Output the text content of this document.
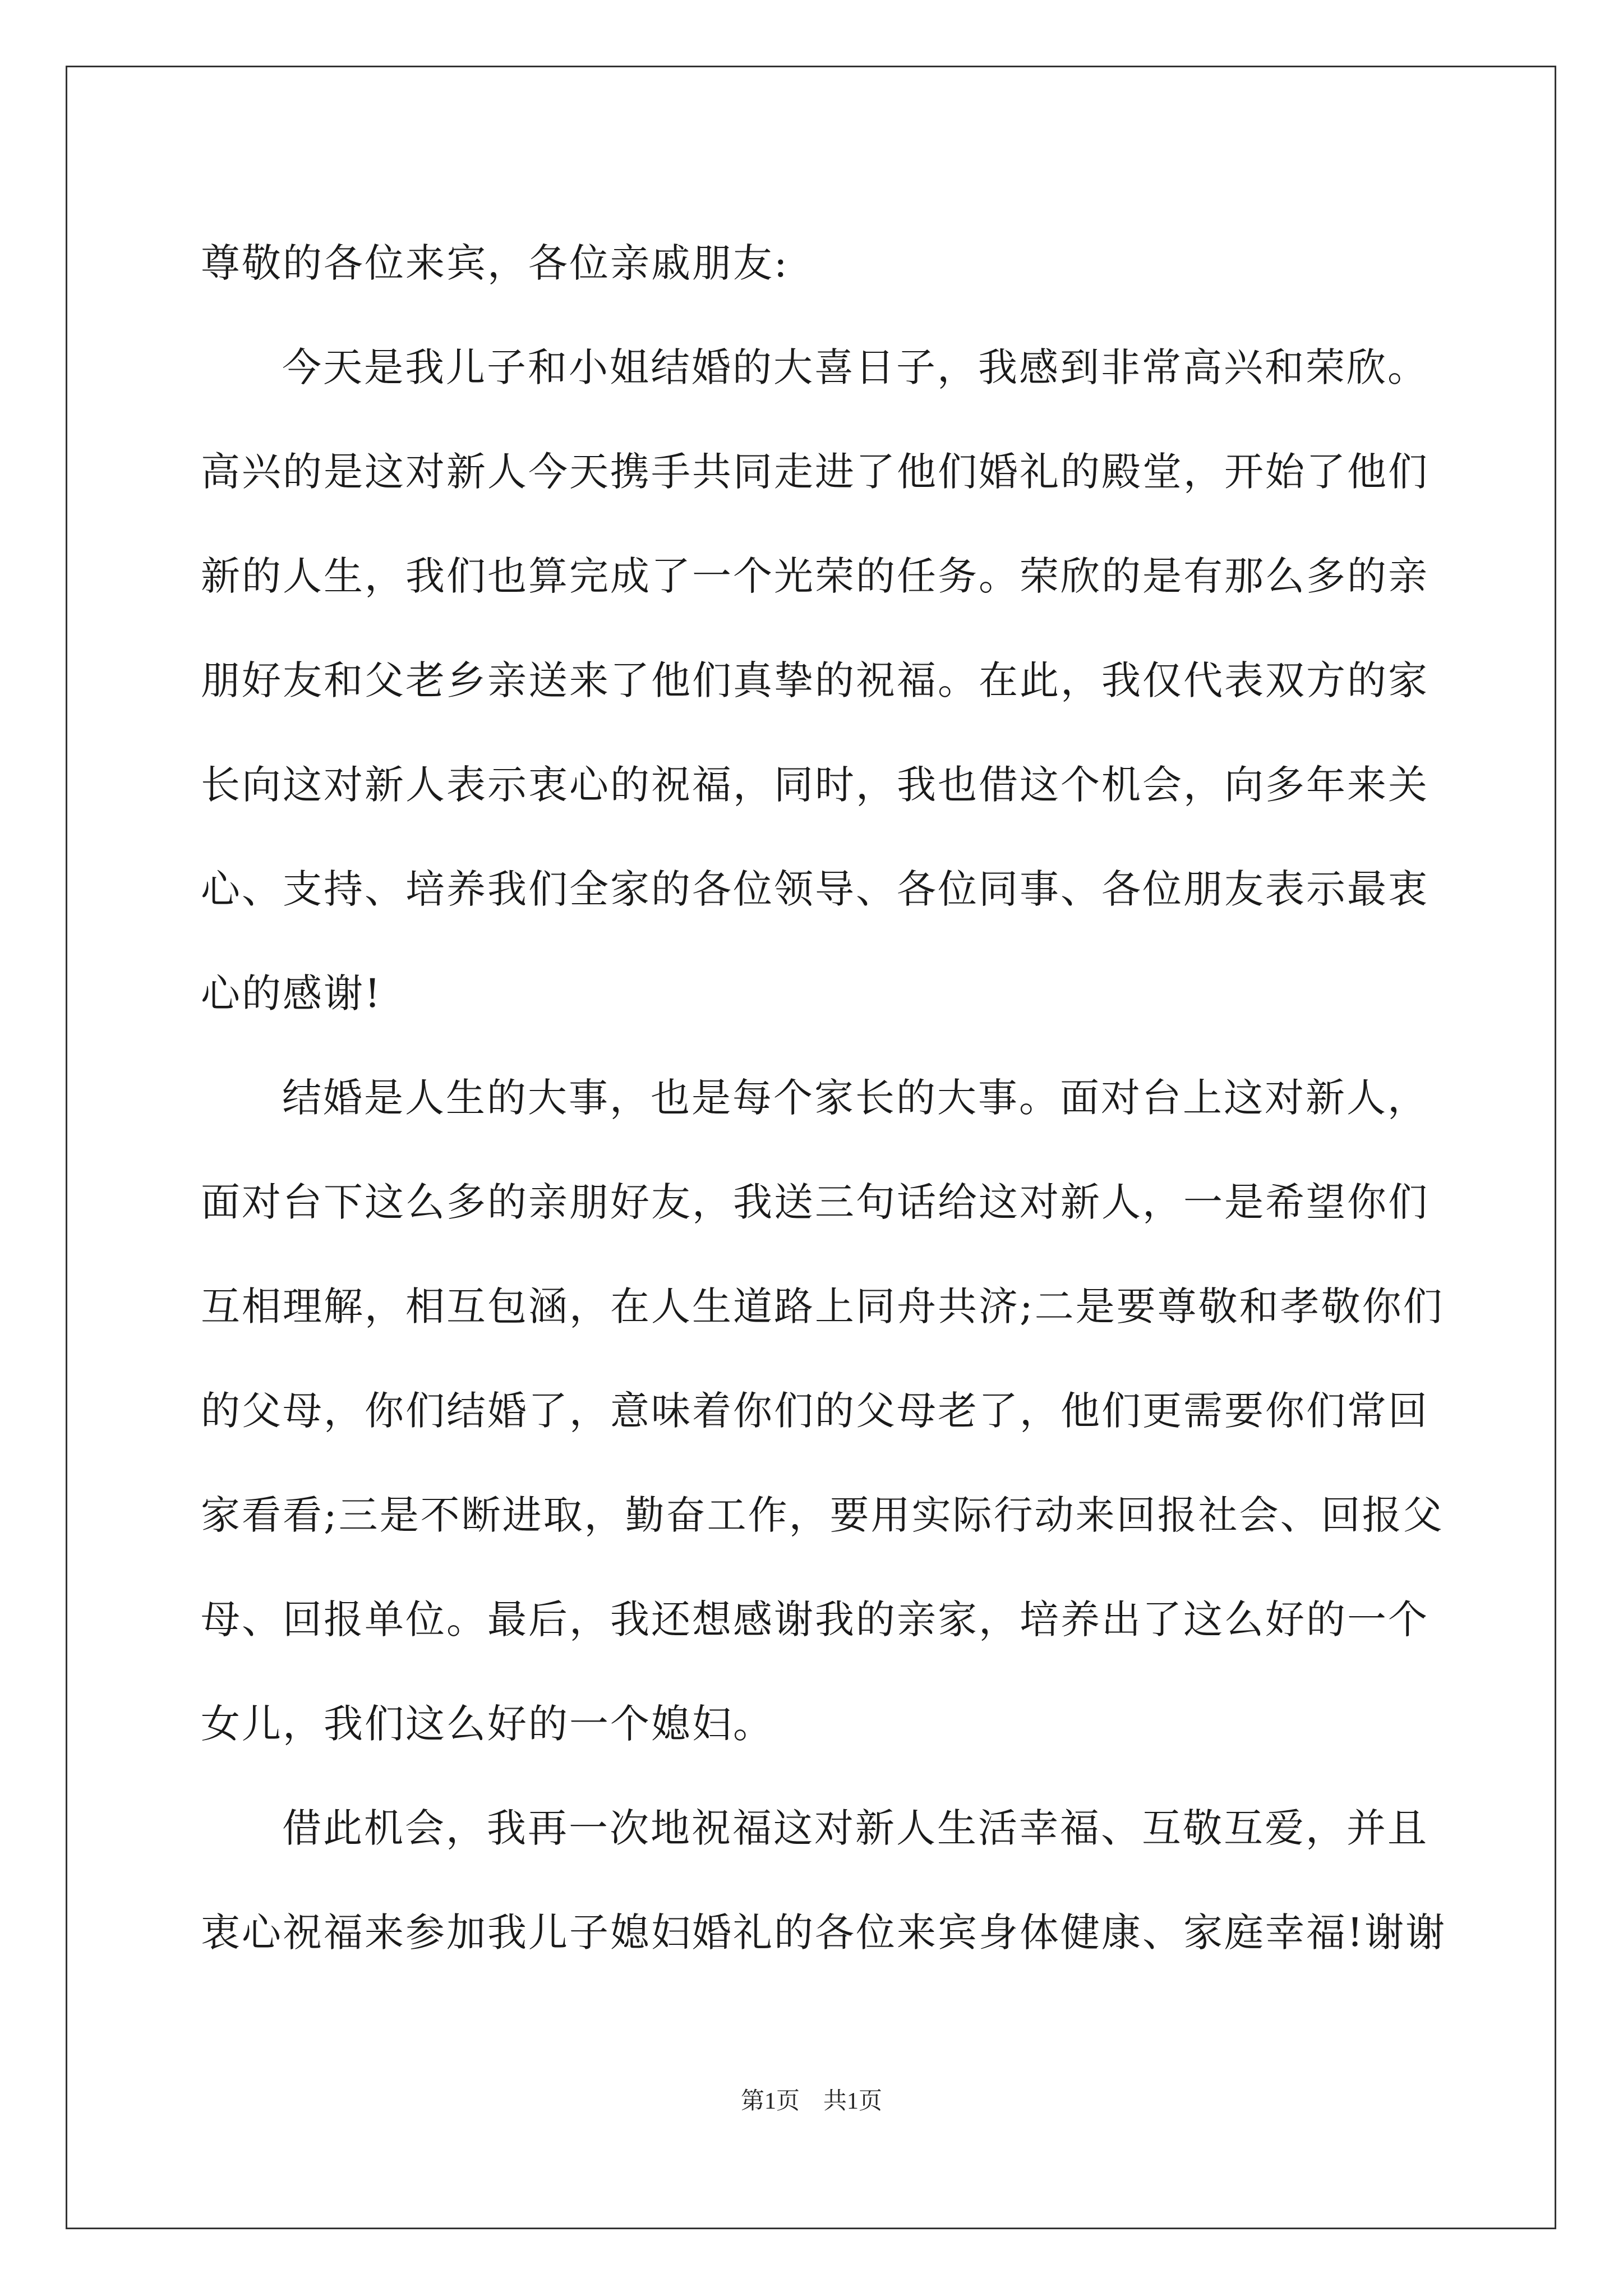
尊敬的各位来宾，各位亲戚朋友:
今天是我儿子和小姐结婚的大喜日子，我感到非常高兴和荣欣。
高兴的是这对新人今天携手共同走进了他们婚礼的殿堂，开始了他们
新的人生，我们也算完成了一个光荣的任务。荣欣的是有那么多的亲
朋好友和父老乡亲送来了他们真挚的祝福。在此，我仅代表双方的家
长向这对新人表示衷心的祝福，同时，我也借这个机会，向多年来关
心、支持、培养我们全家的各位领导、各位同事、各位朋友表示最衷
心的感谢!
结婚是人生的大事，也是每个家长的大事。面对台上这对新人，
面对台下这么多的亲朋好友，我送三句话给这对新人，一是希望你们
互相理解，相互包涵，在人生道路上同舟共济;二是要尊敬和孝敬你们
的父母，你们结婚了，意味着你们的父母老了，他们更需要你们常回
家看看;三是不断进取，勤奋工作，要用实际行动来回报社会、回报父
母、回报单位。最后，我还想感谢我的亲家，培养出了这么好的一个
女儿，我们这么好的一个媳妇。
借此机会，我再一次地祝福这对新人生活幸福、互敬互爱，并且
衷心祝福来参加我儿子媳妇婚礼的各位来宾身体健康、家庭幸福!谢谢
第1页　共1页
